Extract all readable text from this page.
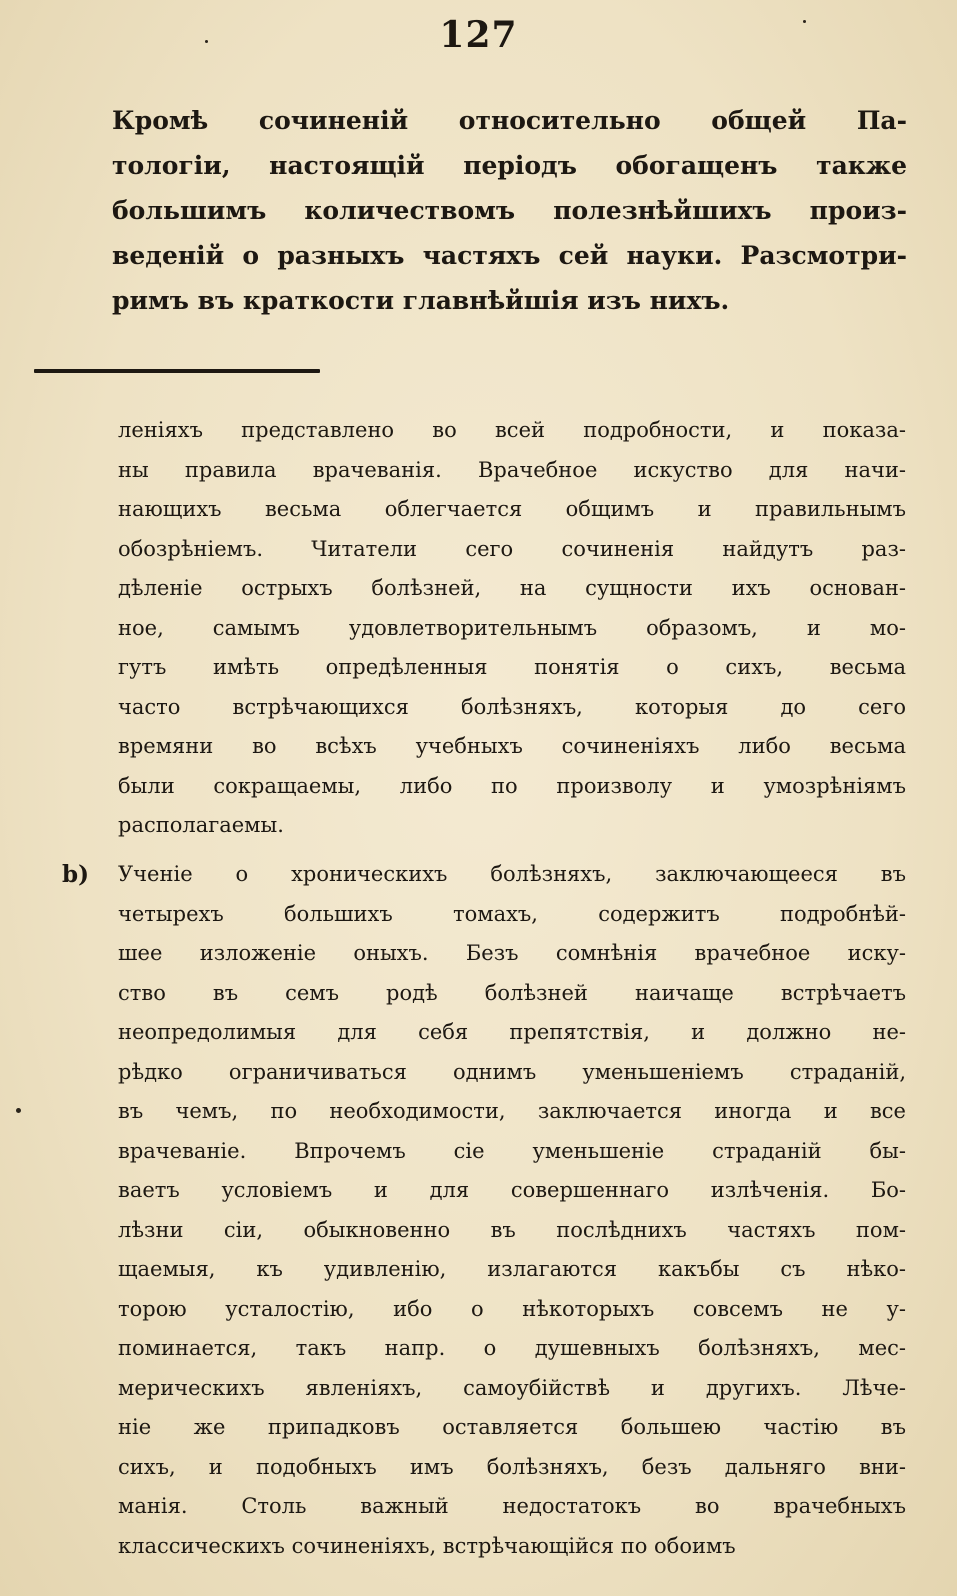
127
Кромѣ сочиненій относительно общей Па-
тологіи, настоящій періодъ обогащенъ также
большимъ количествомъ полезнѣйшихъ произ-
веденій о разныхъ частяхъ сей науки. Разсмотри-
римъ въ краткости главнѣйшія изъ нихъ.
леніяхъ представлено во всей подробности, и показа-
ны правила врачеванія. Врачебное искуство для начи-
нающихъ весьма облегчается общимъ и правильнымъ
обозрѣніемъ. Читатели сего сочиненія найдутъ раз-
дѣленіе острыхъ болѣзней, на сущности ихъ основан-
ное, самымъ удовлетворительнымъ образомъ, и мо-
гутъ имѣть опредѣленныя понятія о сихъ, весьма
часто встрѣчающихся болѣзняхъ, которыя до сего
времяни во всѣхъ учебныхъ сочиненіяхъ либо весьма
были сокращаемы, либо по произволу и умозрѣніямъ
располагаемы.
b) Ученіе о хроническихъ болѣзняхъ, заключающееся въ
четырехъ большихъ томахъ, содержитъ подробнѣй-
шее изложеніе оныхъ. Безъ сомнѣнія врачебное иску-
ство въ семъ родѣ болѣзней наичаще встрѣчаетъ
неопредолимыя для себя препятствія, и должно не-
рѣдко ограничиваться однимъ уменьшеніемъ страданій,
въ чемъ, по необходимости, заключается иногда и все
врачеваніе. Впрочемъ сіе уменьшеніе страданій бы-
ваетъ условіемъ и для совершеннаго излѣченія. Бо-
лѣзни сіи, обыкновенно въ послѣднихъ частяхъ пом-
щаемыя, къ удивленію, излагаются какъбы съ нѣко-
торою усталостію, ибо о нѣкоторыхъ совсемъ не у-
поминается, такъ напр. о душевныхъ болѣзняхъ, мес-
мерическихъ явленіяхъ, самоубійствѣ и другихъ. Лѣче-
ніе же припадковъ оставляется большею частію въ
сихъ, и подобныхъ имъ болѣзняхъ, безъ дальняго вни-
манія. Столь важный недостатокъ во врачебныхъ
классическихъ сочиненіяхъ, встрѣчающійся по обоимъ
